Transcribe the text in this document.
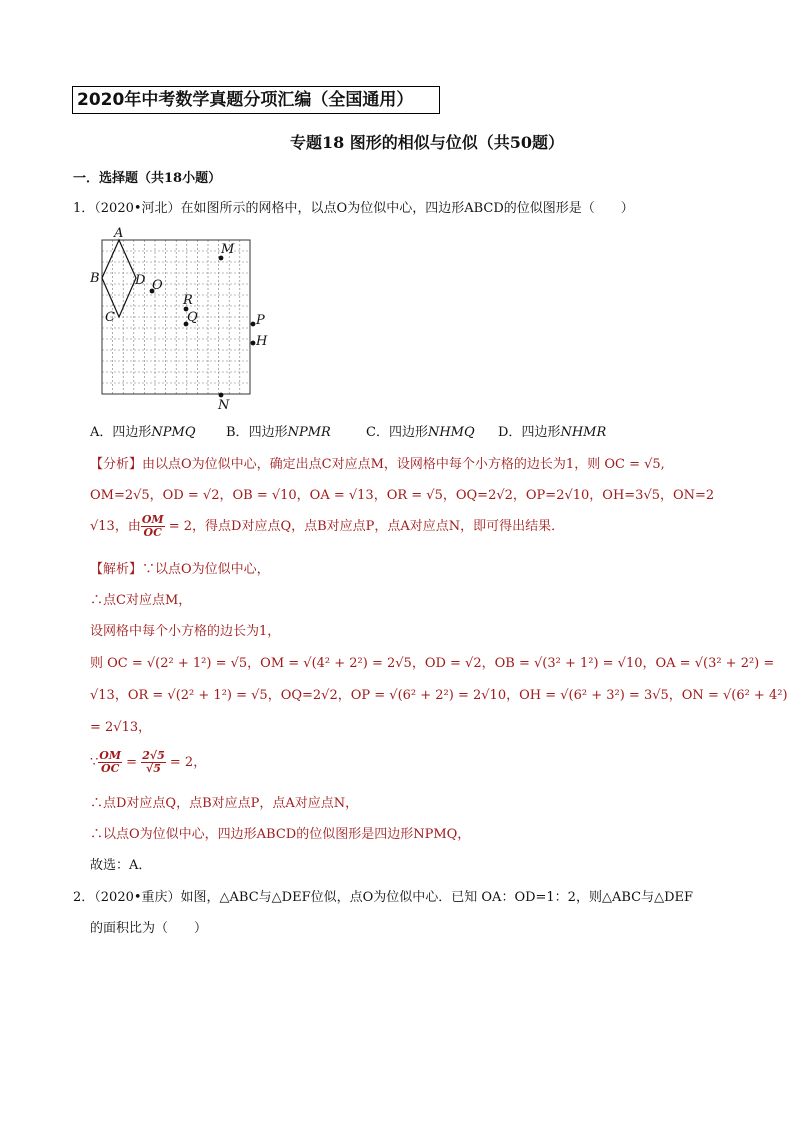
2020年中考数学真题分项汇编（全国通用）
专题18 图形的相似与位似（共50题）
一．选择题（共18小题）
1．（2020•河北）在如图所示的网格中，以点O为位似中心，四边形ABCD的位似图形是（　　）
A
B
C
D O
M
R
Q	P
H
N
A．四边形NPMQ B．四边形NPMR	C．四边形NHMQ D．四边形NHMR
【分析】由以点O为位似中心，确定出点C对应点M，设网格中每个小方格的边长为1，则 OC = √5,
OM=2√5，OD = √2，OB = √10，OA = √13，OR = √5，OQ=2√2，OP=2√10，OH=3√5，ON=2
√13，由 $\frac{OM}{OC} = 2$，得点D对应点Q，点B对应点P，点A对应点N，即可得出结果．
【解析】∵以点O为位似中心，
∴点C对应点M，
设网格中每个小方格的边长为1，
则 OC = √(2² + 1²) = √5，OM = √(4² + 2²) = 2√5，OD = √2，OB = √(3² + 1²) = √10，OA = √(3² + 2²) =
√13，OR = √(2² + 1²) = √5，OQ=2√2，OP = √(6² + 2²) = 2√10，OH = √(6² + 3²) = 3√5，ON = √(6² + 4²)
= 2√13，
∵ $\frac{OM}{OC} = \frac{2√5}{√5} = 2$，
∴点D对应点Q，点B对应点P，点A对应点N，
∴以点O为位似中心，四边形ABCD的位似图形是四边形NPMQ，
故选：A．
2．（2020•重庆）如图，△ABC与△DEF位似，点O为位似中心．已知 OA：OD=1：2，则△ABC与△DEF
的面积比为（　　）
